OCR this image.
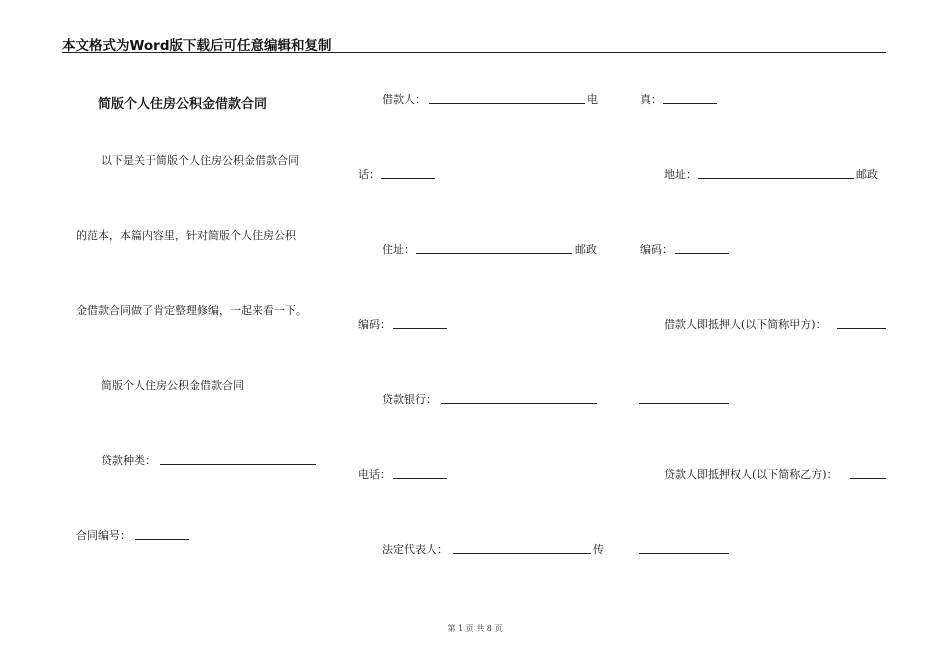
本文格式为Word版下载后可任意编辑和复制
简版个人住房公积金借款合同
以下是关于简版个人住房公积金借款合同
的范本，本篇内容里，针对简版个人住房公积
金借款合同做了肯定整理修编，一起来看一下。
简版个人住房公积金借款合同
贷款种类：
合同编号：
借款人：	电
话：
住址：	邮政
编码：
贷款银行：
电话：
法定代表人：	传
真：
地址：	邮政
编码：
借款人即抵押人(以下简称甲方)：
贷款人即抵押权人(以下简称乙方)：
第 1 页 共 8 页
